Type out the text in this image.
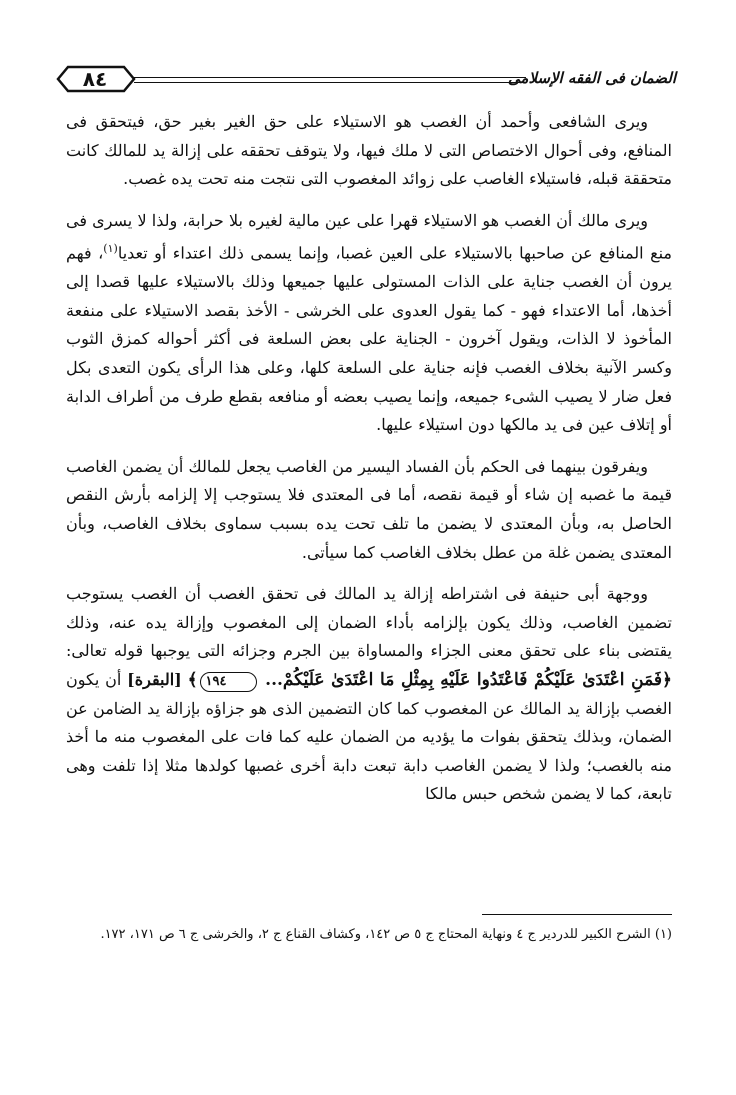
٨٤	الضمان فى الفقه الإسلامى

ويرى الشافعى وأحمد أن الغصب هو الاستيلاء على حق الغير بغير حق، فيتحقق فى المنافع، وفى أحوال الاختصاص التى لا ملك فيها، ولا يتوقف تحققه على إزالة يد للمالك كانت متحققة قبله، فاستيلاء الغاصب على زوائد المغصوب التى نتجت منه تحت يده غصب.

ويرى مالك أن الغصب هو الاستيلاء قهرا على عين مالية لغيره بلا حرابة، ولذا لا يسرى فى منع المنافع عن صاحبها بالاستيلاء على العين غصبا، وإنما يسمى ذلك اعتداء أو تعديا$^{(١)}$، فهم يرون أن الغصب جناية على الذات المستولى عليها جميعها وذلك بالاستيلاء عليها قصدا إلى أخذها، أما الاعتداء فهو - كما يقول العدوى على الخرشى - الأخذ بقصد الاستيلاء على منفعة المأخوذ لا الذات، ويقول آخرون - الجناية على بعض السلعة فى أكثر أحواله كمزق الثوب وكسر الآنية بخلاف الغصب فإنه جناية على السلعة كلها، وعلى هذا الرأى يكون التعدى بكل فعل ضار لا يصيب الشىء جميعه، وإنما يصيب بعضه أو منافعه بقطع طرف من أطراف الدابة أو إتلاف عين فى يد مالكها دون استيلاء عليها.

ويفرقون بينهما فى الحكم بأن الفساد اليسير من الغاصب يجعل للمالك أن يضمن الغاصب قيمة ما غصبه إن شاء أو قيمة نقصه، أما فى المعتدى فلا يستوجب إلا إلزامه بأرش النقص الحاصل به، وبأن المعتدى لا يضمن ما تلف تحت يده بسبب سماوى بخلاف الغاصب، وبأن المعتدى يضمن غلة من عطل بخلاف الغاصب كما سيأتى.

ووجهة أبى حنيفة فى اشتراطه إزالة يد المالك فى تحقق الغصب أن الغصب يستوجب تضمين الغاصب، وذلك يكون بإلزامه بأداء الضمان إلى المغصوب وإزالة يده عنه، وذلك يقتضى بناء على تحقق معنى الجزاء والمساواة بين الجرم وجزائه التى يوجبها قوله تعالى: ﴿فَمَنِ اعْتَدَىٰ عَلَيْكُمْ فَاعْتَدُوا عَلَيْهِ بِمِثْلِ مَا اعْتَدَىٰ عَلَيْكُمْ... ١٩٤﴾ [البقرة] أن يكون الغصب بإزالة يد المالك عن المغصوب كما كان التضمين الذى هو جزاؤه بإزالة يد الضامن عن الضمان، وبذلك يتحقق بفوات ما يؤديه من الضمان عليه كما فات على المغصوب منه ما أخذ منه بالغصب؛ ولذا لا يضمن الغاصب دابة تبعت دابة أخرى غصبها كولدها مثلا إذا تلفت وهى تابعة، كما لا يضمن شخص حبس مالكا

(١) الشرح الكبير للدردير ج ٤ ونهاية المحتاج ج ٥ ص ١٤٢، وكشاف القناع ج ٢، والخرشى ج ٦ ص ١٧١، ١٧٢.
